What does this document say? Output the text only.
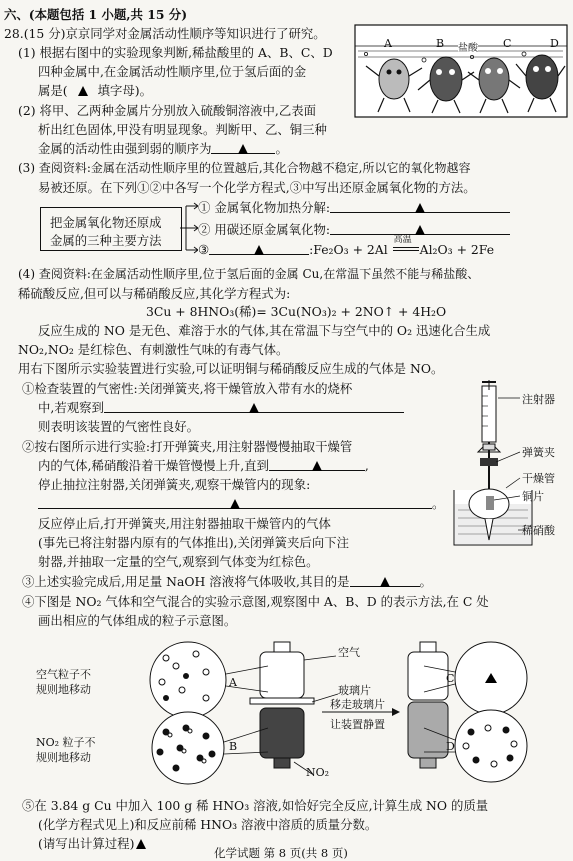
六、(本题包括 1 小题,共 15 分)
28.(15 分)京京同学对金属活动性顺序等知识进行了研究。
(1) 根据右图中的实验现象判断,稀盐酸里的 A、B、C、D
四种金属中,在金属活动性顺序里,位于氢后面的金
属是( 填字母)。
A	B 盐酸 C	D
(2) 将甲、乙两种金属片分别放入硫酸铜溶液中,乙表面
析出红色固体,甲没有明显现象。判断甲、乙、铜三种
金属的活动性由强到弱的顺序为	。
(3) 查阅资料:金属在活动性顺序里的位置越后,其化合物越不稳定,所以它的氧化物越容
易被还原。在下列①②中各写一个化学方程式,③中写出还原金属氧化物的方法。
把金属氧化物还原成
金属的三种主要方法
① 金属氧化物加热分解:
② 用碳还原金属氧化物:
③	:Fe₂O₃ + 2Al
高温
Al₂O₃ + 2Fe
(4) 查阅资料:在金属活动性顺序里,位于氢后面的金属 Cu,在常温下虽然不能与稀盐酸、
稀硫酸反应,但可以与稀硝酸反应,其化学方程式为:
3Cu + 8HNO₃(稀)= 3Cu(NO₃)₂ + 2NO↑ + 4H₂O
反应生成的 NO 是无色、难溶于水的气体,其在常温下与空气中的 O₂ 迅速化合生成
NO₂,NO₂ 是红棕色、有刺激性气味的有毒气体。
用右下图所示实验装置进行实验,可以证明铜与稀硝酸反应生成的气体是 NO。
①检查装置的气密性:关闭弹簧夹,将干燥管放入带有水的烧杯
中,若观察到
则表明该装置的气密性良好。
②按右图所示进行实验:打开弹簧夹,用注射器慢慢抽取干燥管
内的气体,稀硝酸沿着干燥管慢慢上升,直到	,
停止抽拉注射器,关闭弹簧夹,观察干燥管内的现象:
。
反应停止后,打开弹簧夹,用注射器抽取干燥管内的气体
(事先已将注射器内原有的气体推出),关闭弹簧夹后向下注
射器,并抽取一定量的空气,观察到气体变为红棕色。
注射器
弹簧夹
干燥管
铜片
稀硝酸
③上述实验完成后,用足量 NaOH 溶液将气体吸收,其目的是	。
④下图是 NO₂ 气体和空气混合的实验示意图,观察图中 A、B、D 的表示方法,在 C 处
画出相应的气体组成的粒子示意图。
空气粒子不
规则地移动
NO₂ 粒子不
规则地移动
空气
玻璃片
移走玻璃片
让装置静置
NO₂
A
B
C
D
⑤在 3.84 g Cu 中加入 100 g 稀 HNO₃ 溶液,如恰好完全反应,计算生成 NO 的质量
(化学方程式见上)和反应前稀 HNO₃ 溶液中溶质的质量分数。
(请写出计算过程)
化学试题 第 8 页(共 8 页)
